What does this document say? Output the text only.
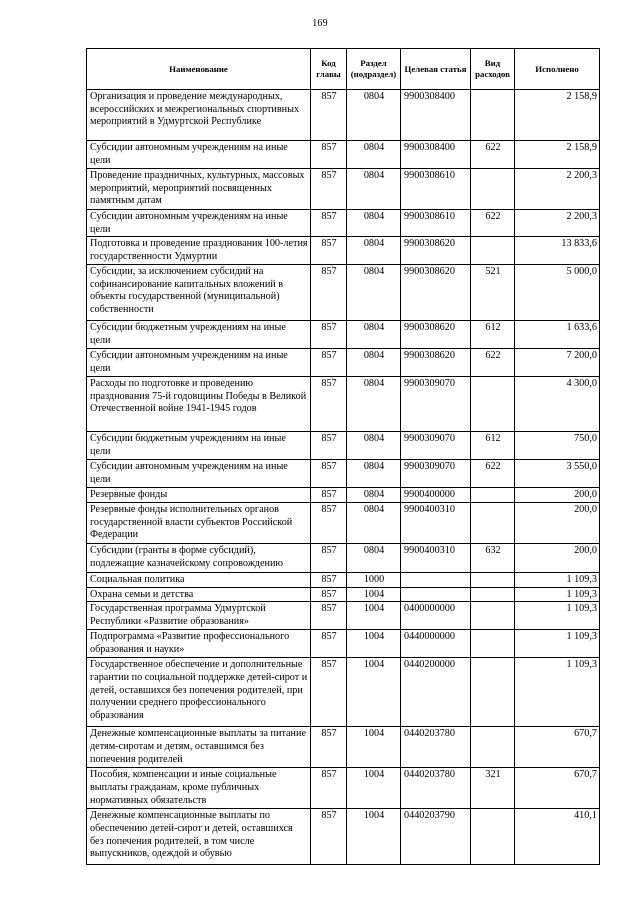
169
Наименование	Код главы	Раздел (подраздел)	Целевая статья	Вид расходов	Исполнено
Организация и проведение международных, всероссийских и межрегиональных спортивных мероприятий в Удмуртской Республике	857	0804	9900308400		2 158,9
Субсидии автономным учреждениям на иные цели	857	0804	9900308400	622	2 158,9
Проведение праздничных, культурных, массовых мероприятий, мероприятий посвященных памятным датам	857	0804	9900308610		2 200,3
Субсидии автономным учреждениям на иные цели	857	0804	9900308610	622	2 200,3
Подготовка и проведение празднования 100-летия государственности Удмуртии	857	0804	9900308620		13 833,6
Субсидии, за исключением субсидий на софинансирование капитальных вложений в объекты государственной (муниципальной) собственности	857	0804	9900308620	521	5 000,0
Субсидии бюджетным учреждениям на иные цели	857	0804	9900308620	612	1 633,6
Субсидии автономным учреждениям на иные цели	857	0804	9900308620	622	7 200,0
Расходы по подготовке и проведению празднования 75-й годовщины Победы в Великой Отечественной войне 1941-1945 годов	857	0804	9900309070		4 300,0
Субсидии бюджетным учреждениям на иные цели	857	0804	9900309070	612	750,0
Субсидии автономным учреждениям на иные цели	857	0804	9900309070	622	3 550,0
Резервные фонды	857	0804	9900400000		200,0
Резервные фонды исполнительных органов государственной власти субъектов Российской Федерации	857	0804	9900400310		200,0
Субсидии (гранты в форме субсидий), подлежащие казначейскому сопровождению	857	0804	9900400310	632	200,0
Социальная политика	857	1000			1 109,3
Охрана семьи и детства	857	1004			1 109,3
Государственная программа Удмуртской Республики «Развитие образования»	857	1004	0400000000		1 109,3
Подпрограмма «Развитие профессионального образования и науки»	857	1004	0440000000		1 109,3
Государственное обеспечение и дополнительные гарантии по социальной поддержке детей-сирот и детей, оставшихся без попечения родителей, при получении среднего профессионального образования	857	1004	0440200000		1 109,3
Денежные компенсационные выплаты за питание детям-сиротам и детям, оставшимся без попечения родителей	857	1004	0440203780		670,7
Пособия, компенсации и иные социальные выплаты гражданам, кроме публичных нормативных обязательств	857	1004	0440203780	321	670,7
Денежные компенсационные выплаты по обеспечению детей-сирот и детей, оставшихся без попечения родителей, в том числе выпускников, одеждой и обувью	857	1004	0440203790		410,1
